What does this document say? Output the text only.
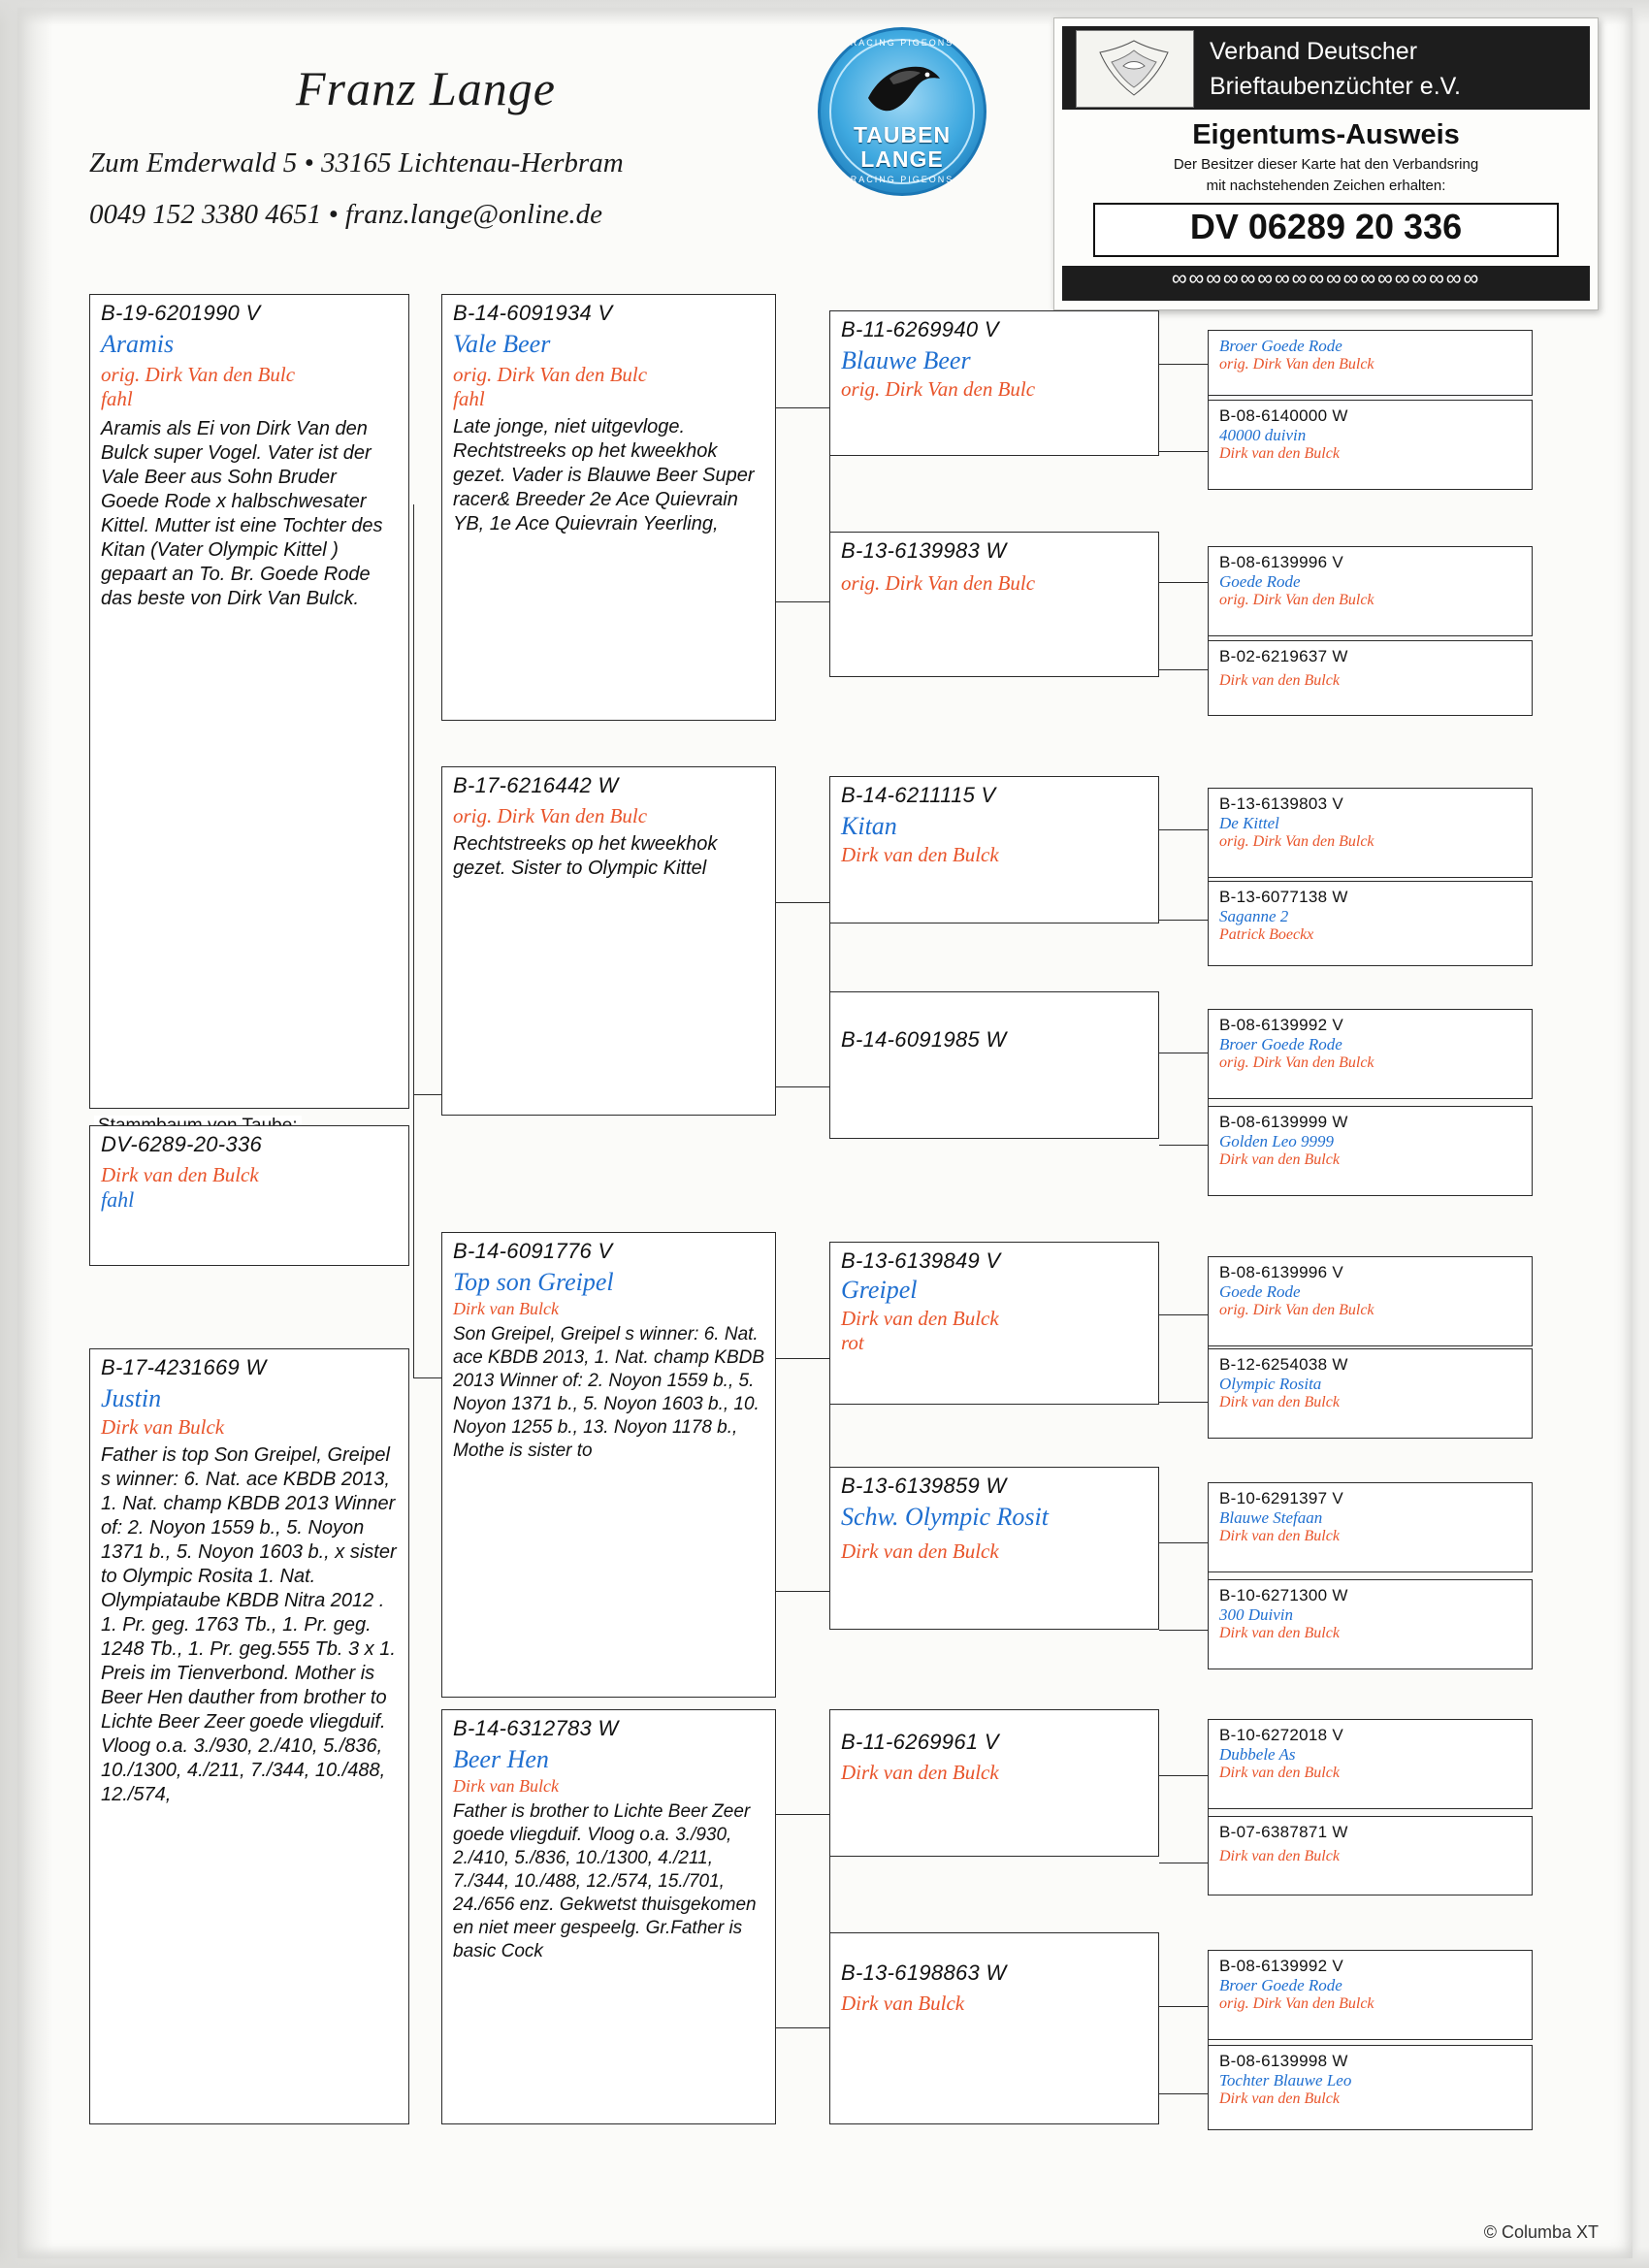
Franz Lange
Zum Emderwald 5 • 33165 Lichtenau-Herbram
0049 152 3380 4651 • franz.lange@online.de
RACING PIGEONS
TAUBEN
LANGE
RACING PIGEONS
Verband Deutscher
Brieftaubenzüchter e.V.
Eigentums-Ausweis
Der Besitzer dieser Karte hat den Verbandsring
mit nachstehenden Zeichen erhalten:
DV 06289 20 336
∞∞∞∞∞∞∞∞∞∞∞∞∞∞∞∞∞∞
B-19-6201990 V
Aramis
orig. Dirk Van den Bulc
fahl
Aramis als Ei von Dirk Van den Bulck super Vogel. Vater ist der Vale Beer aus Sohn Bruder Goede Rode x halbschwesater Kittel. Mutter ist eine Tochter des Kitan (Vater Olympic Kittel ) gepaart an To. Br. Goede Rode das beste von Dirk Van Bulck.
DV-6289-20-336
Dirk van den Bulck
fahl
B-17-4231669 W
Justin
Dirk van Bulck
Father is top Son Greipel, Greipel s winner: 6. Nat. ace KBDB 2013, 1. Nat. champ KBDB 2013 Winner of: 2. Noyon 1559 b., 5. Noyon 1371 b., 5. Noyon 1603 b., x sister to Olympic Rosita 1. Nat. Olympiataube KBDB Nitra 2012 . 1. Pr. geg. 1763 Tb., 1. Pr. geg. 1248 Tb., 1. Pr. geg.555 Tb. 3 x 1. Preis im Tienverbond. Mother is Beer Hen dauther from brother to Lichte Beer Zeer goede vliegduif. Vloog o.a. 3./930, 2./410, 5./836, 10./1300, 4./211, 7./344, 10./488, 12./574,
B-14-6091934 V
Vale Beer
orig. Dirk Van den Bulc
fahl
Late jonge, niet uitgevloge. Rechtstreeks op het kweekhok gezet. Vader is Blauwe Beer Super racer& Breeder 2e Ace Quievrain YB, 1e Ace Quievrain Yeerling,
B-17-6216442 W
orig. Dirk Van den Bulc
Rechtstreeks op het kweekhok gezet. Sister to Olympic Kittel
B-14-6091776 V
Top son Greipel
Dirk van Bulck
Son Greipel, Greipel s winner: 6. Nat. ace KBDB 2013, 1. Nat. champ KBDB 2013 Winner of: 2. Noyon 1559 b., 5. Noyon 1371 b., 5. Noyon 1603 b., 10. Noyon 1255 b., 13. Noyon 1178 b., Mothe is sister to
B-14-6312783 W
Beer Hen
Dirk van Bulck
Father is brother to Lichte Beer Zeer goede vliegduif. Vloog o.a. 3./930, 2./410, 5./836, 10./1300, 4./211, 7./344, 10./488, 12./574, 15./701, 24./656 enz. Gekwetst thuisgekomen en niet meer gespeelg. Gr.Father is basic Cock
B-11-6269940 V
Blauwe Beer
orig. Dirk Van den Bulc
B-13-6139983 W
orig. Dirk Van den Bulc
B-14-6211115 V
Kitan
Dirk van den Bulck
B-14-6091985 W
B-13-6139849 V
Greipel
Dirk van den Bulck
rot
B-13-6139859 W
Schw. Olympic Rosit
Dirk van den Bulck
B-11-6269961 V
Dirk van den Bulck
B-13-6198863 W
Dirk van Bulck
Broer Goede Rode
orig. Dirk Van den Bulck
B-08-6140000 W
40000 duivin
Dirk van den Bulck
B-08-6139996 V
Goede Rode
orig. Dirk Van den Bulck
B-02-6219637 W
Dirk van den Bulck
B-13-6139803 V
De Kittel
orig. Dirk Van den Bulck
B-13-6077138 W
Saganne 2
Patrick Boeckx
B-08-6139992 V
Broer Goede Rode
orig. Dirk Van den Bulck
B-08-6139999 W
Golden Leo 9999
Dirk van den Bulck
B-08-6139996 V
Goede Rode
orig. Dirk Van den Bulck
B-12-6254038 W
Olympic Rosita
Dirk van den Bulck
B-10-6291397 V
Blauwe Stefaan
Dirk van den Bulck
B-10-6271300 W
300 Duivin
Dirk van den Bulck
B-10-6272018 V
Dubbele As
Dirk van den Bulck
B-07-6387871 W
Dirk van den Bulck
B-08-6139992 V
Broer Goede Rode
orig. Dirk Van den Bulck
B-08-6139998 W
Tochter Blauwe Leo
Dirk van den Bulck
© Columba XT
